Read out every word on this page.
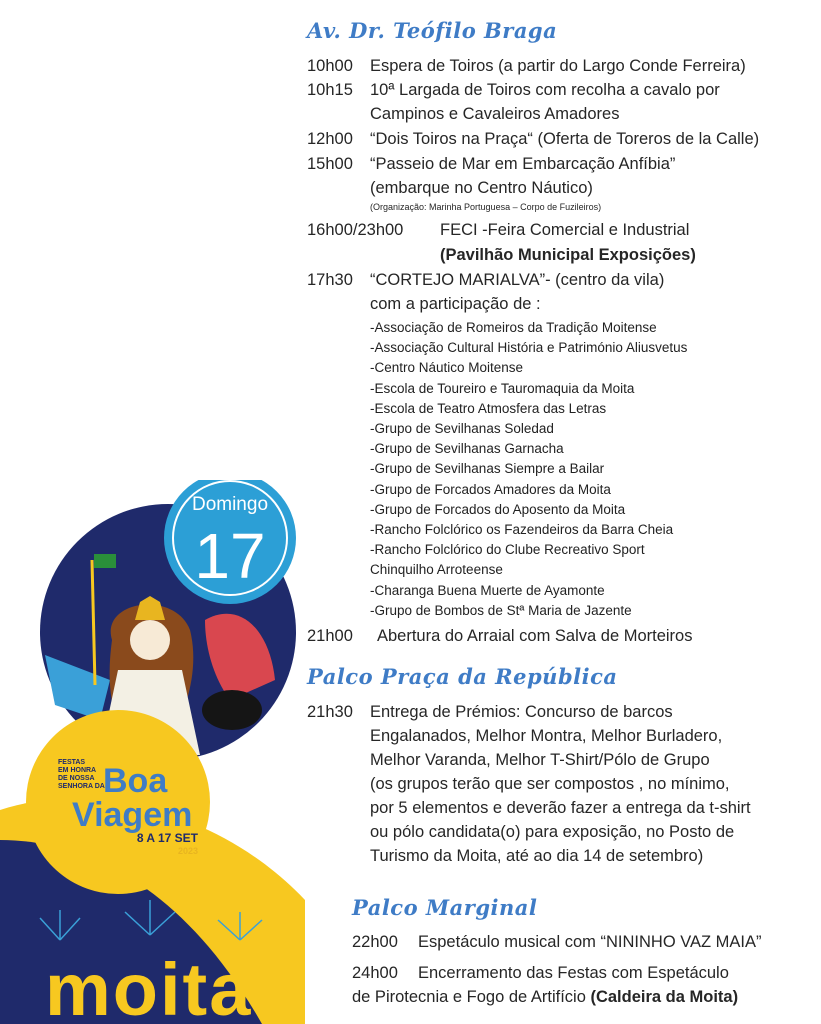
Av. Dr. Teófilo Braga
10h00 Espera de Toiros (a partir do Largo Conde Ferreira)
10h15 10ª Largada de Toiros com recolha a cavalo por
Campinos e Cavaleiros Amadores
12h00 “Dois Toiros na Praça“ (Oferta de Toreros de la Calle)
15h00 “Passeio de Mar em Embarcação Anfíbia”
(embarque no Centro Náutico)
(Organização: Marinha Portuguesa – Corpo de Fuzileiros)
16h00/23h00 FECI -Feira Comercial e Industrial
(Pavilhão Municipal Exposições)
17h30 “CORTEJO MARIALVA”- (centro da vila)
com a participação de :
-Associação de Romeiros da Tradição Moitense
-Associação Cultural História e Património Aliusvetus
-Centro Náutico Moitense
-Escola de Toureiro e Tauromaquia da Moita
-Escola de Teatro Atmosfera das Letras
-Grupo de Sevilhanas Soledad
-Grupo de Sevilhanas Garnacha
-Grupo de Sevilhanas Siempre a Bailar
-Grupo de Forcados Amadores da Moita
-Grupo de Forcados do Aposento da Moita
-Rancho Folclórico os Fazendeiros da Barra Cheia
-Rancho Folclórico do Clube Recreativo Sport
Chinquilho Arroteense
-Charanga Buena Muerte de Ayamonte
-Grupo de Bombos de Stª Maria de Jazente
21h00 Abertura do Arraial com Salva de Morteiros
Palco Praça da República
21h30 Entrega de Prémios: Concurso de barcos
Engalanados, Melhor Montra, Melhor Burladero,
Melhor Varanda, Melhor T-Shirt/Pólo de Grupo
(os grupos terão que ser compostos , no mínimo,
por 5 elementos e deverão fazer a entrega da t-shirt
ou pólo candidata(o) para exposição, no Posto de
Turismo da Moita, até ao dia 14 de setembro)
Palco Marginal
22h00 Espetáculo musical com “NININHO VAZ MAIA”
24h00 Encerramento das Festas com Espetáculo
de Pirotecnia e Fogo de Artifício (Caldeira da Moita)
Domingo
17
FESTAS
EM HONRA
DE NOSSA
SENHORA DA
Boa
Viagem
8 A 17 SET
2023
moita
